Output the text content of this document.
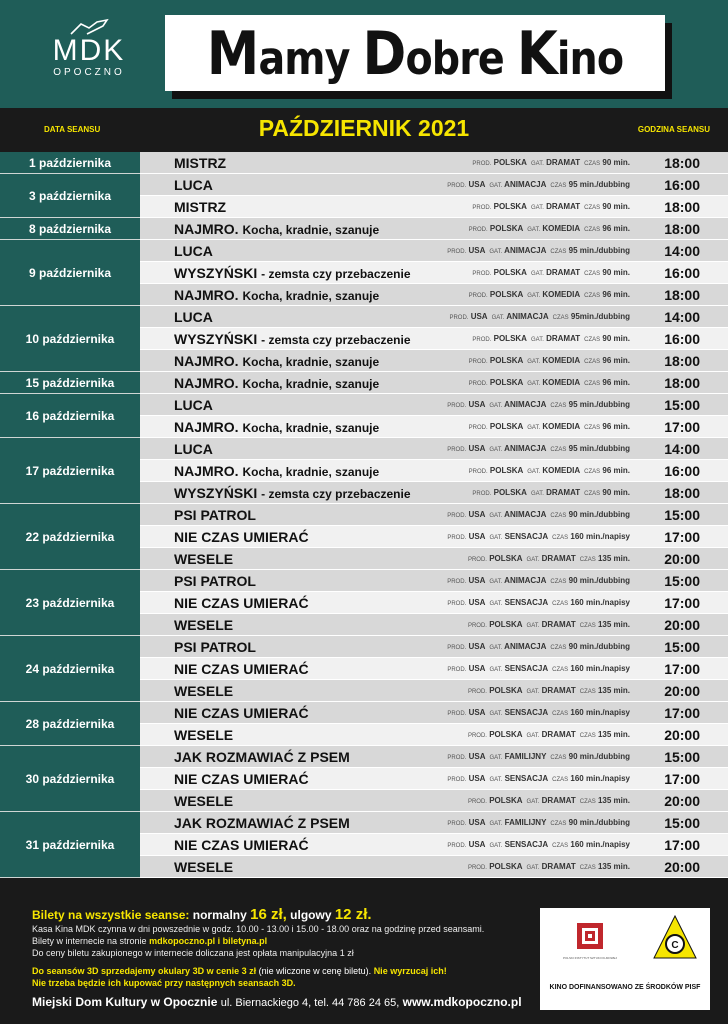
MDK
OPOCZNO Mamy Dobre Kino
DATA SEANSU	PAŹDZIERNIK 2021	GODZINA SEANSU
1 października	MISTRZ	PROD. POLSKA GAT. DRAMAT CZAS 90 min. 18:00
3 października
LUCA	PROD. USA GAT. ANIMACJA CZAS 95 min./dubbing 16:00
MISTRZ	PROD. POLSKA GAT. DRAMAT CZAS 90 min. 18:00
8 października	NAJMRO. Kocha, kradnie, szanuje	PROD. POLSKA GAT. KOMEDIA CZAS 96 min. 18:00
9 października
LUCA	PROD. USA GAT. ANIMACJA CZAS 95 min./dubbing 14:00
WYSZYŃSKI - zemsta czy przebaczenie	PROD. POLSKA GAT. DRAMAT CZAS 90 min. 16:00
NAJMRO. Kocha, kradnie, szanuje	PROD. POLSKA GAT. KOMEDIA CZAS 96 min. 18:00
10 października
LUCA	PROD. USA GAT. ANIMACJA CZAS 95min./dubbing 14:00
WYSZYŃSKI - zemsta czy przebaczenie	PROD. POLSKA GAT. DRAMAT CZAS 90 min. 16:00
NAJMRO. Kocha, kradnie, szanuje	PROD. POLSKA GAT. KOMEDIA CZAS 96 min. 18:00
15 października	NAJMRO. Kocha, kradnie, szanuje	PROD. POLSKA GAT. KOMEDIA CZAS 96 min. 18:00
16 października
LUCA	PROD. USA GAT. ANIMACJA CZAS 95 min./dubbing 15:00
NAJMRO. Kocha, kradnie, szanuje	PROD. POLSKA GAT. KOMEDIA CZAS 96 min. 17:00
17 października
LUCA	PROD. USA GAT. ANIMACJA CZAS 95 min./dubbing 14:00
NAJMRO. Kocha, kradnie, szanuje	PROD. POLSKA GAT. KOMEDIA CZAS 96 min. 16:00
WYSZYŃSKI - zemsta czy przebaczenie	PROD. POLSKA GAT. DRAMAT CZAS 90 min. 18:00
22 października
PSI PATROL	PROD. USA GAT. ANIMACJA CZAS 90 min./dubbing 15:00
NIE CZAS UMIERAĆ	PROD. USA GAT. SENSACJA CZAS 160 min./napisy 17:00
WESELE	PROD. POLSKA GAT. DRAMAT CZAS 135 min. 20:00
23 października
PSI PATROL	PROD. USA GAT. ANIMACJA CZAS 90 min./dubbing 15:00
NIE CZAS UMIERAĆ	PROD. USA GAT. SENSACJA CZAS 160 min./napisy 17:00
WESELE	PROD. POLSKA GAT. DRAMAT CZAS 135 min. 20:00
24 października
PSI PATROL	PROD. USA GAT. ANIMACJA CZAS 90 min./dubbing 15:00
NIE CZAS UMIERAĆ	PROD. USA GAT. SENSACJA CZAS 160 min./napisy 17:00
WESELE	PROD. POLSKA GAT. DRAMAT CZAS 135 min. 20:00
28 października
NIE CZAS UMIERAĆ	PROD. USA GAT. SENSACJA CZAS 160 min./napisy 17:00
WESELE	PROD. POLSKA GAT. DRAMAT CZAS 135 min. 20:00
30 października
JAK ROZMAWIAĆ Z PSEM	PROD. USA GAT. FAMILIJNY CZAS 90 min./dubbing 15:00
NIE CZAS UMIERAĆ	PROD. USA GAT. SENSACJA CZAS 160 min./napisy 17:00
WESELE	PROD. POLSKA GAT. DRAMAT CZAS 135 min. 20:00
31 października
JAK ROZMAWIAĆ Z PSEM	PROD. USA GAT. FAMILIJNY CZAS 90 min./dubbing 15:00
NIE CZAS UMIERAĆ	PROD. USA GAT. SENSACJA CZAS 160 min./napisy 17:00
WESELE	PROD. POLSKA GAT. DRAMAT CZAS 135 min. 20:00
Bilety na wszystkie seanse: normalny 16 zł, ulgowy 12 zł.
Kasa Kina MDK czynna w dni powszednie w godz. 10.00 - 13.00 i 15.00 - 18.00 oraz na godzinę przed seansami.
Bilety w internecie na stronie mdkopoczno.pl i biletyna.pl
Do ceny biletu zakupionego w internecie doliczana jest opłata manipulacyjna 1 zł
Do seansów 3D sprzedajemy okulary 3D w cenie 3 zł (nie wliczone w cenę biletu). Nie wyrzucaj ich!
Nie trzeba będzie ich kupować przy następnych seansach 3D.
Miejski Dom Kultury w Opocznie ul. Biernackiego 4, tel. 44 786 24 65, www.mdkopoczno.pl
POLSKI INSTYTUT SZTUKI FILMOWEJ
C
KINO DOFINANSOWANO ZE ŚRODKÓW PISF
